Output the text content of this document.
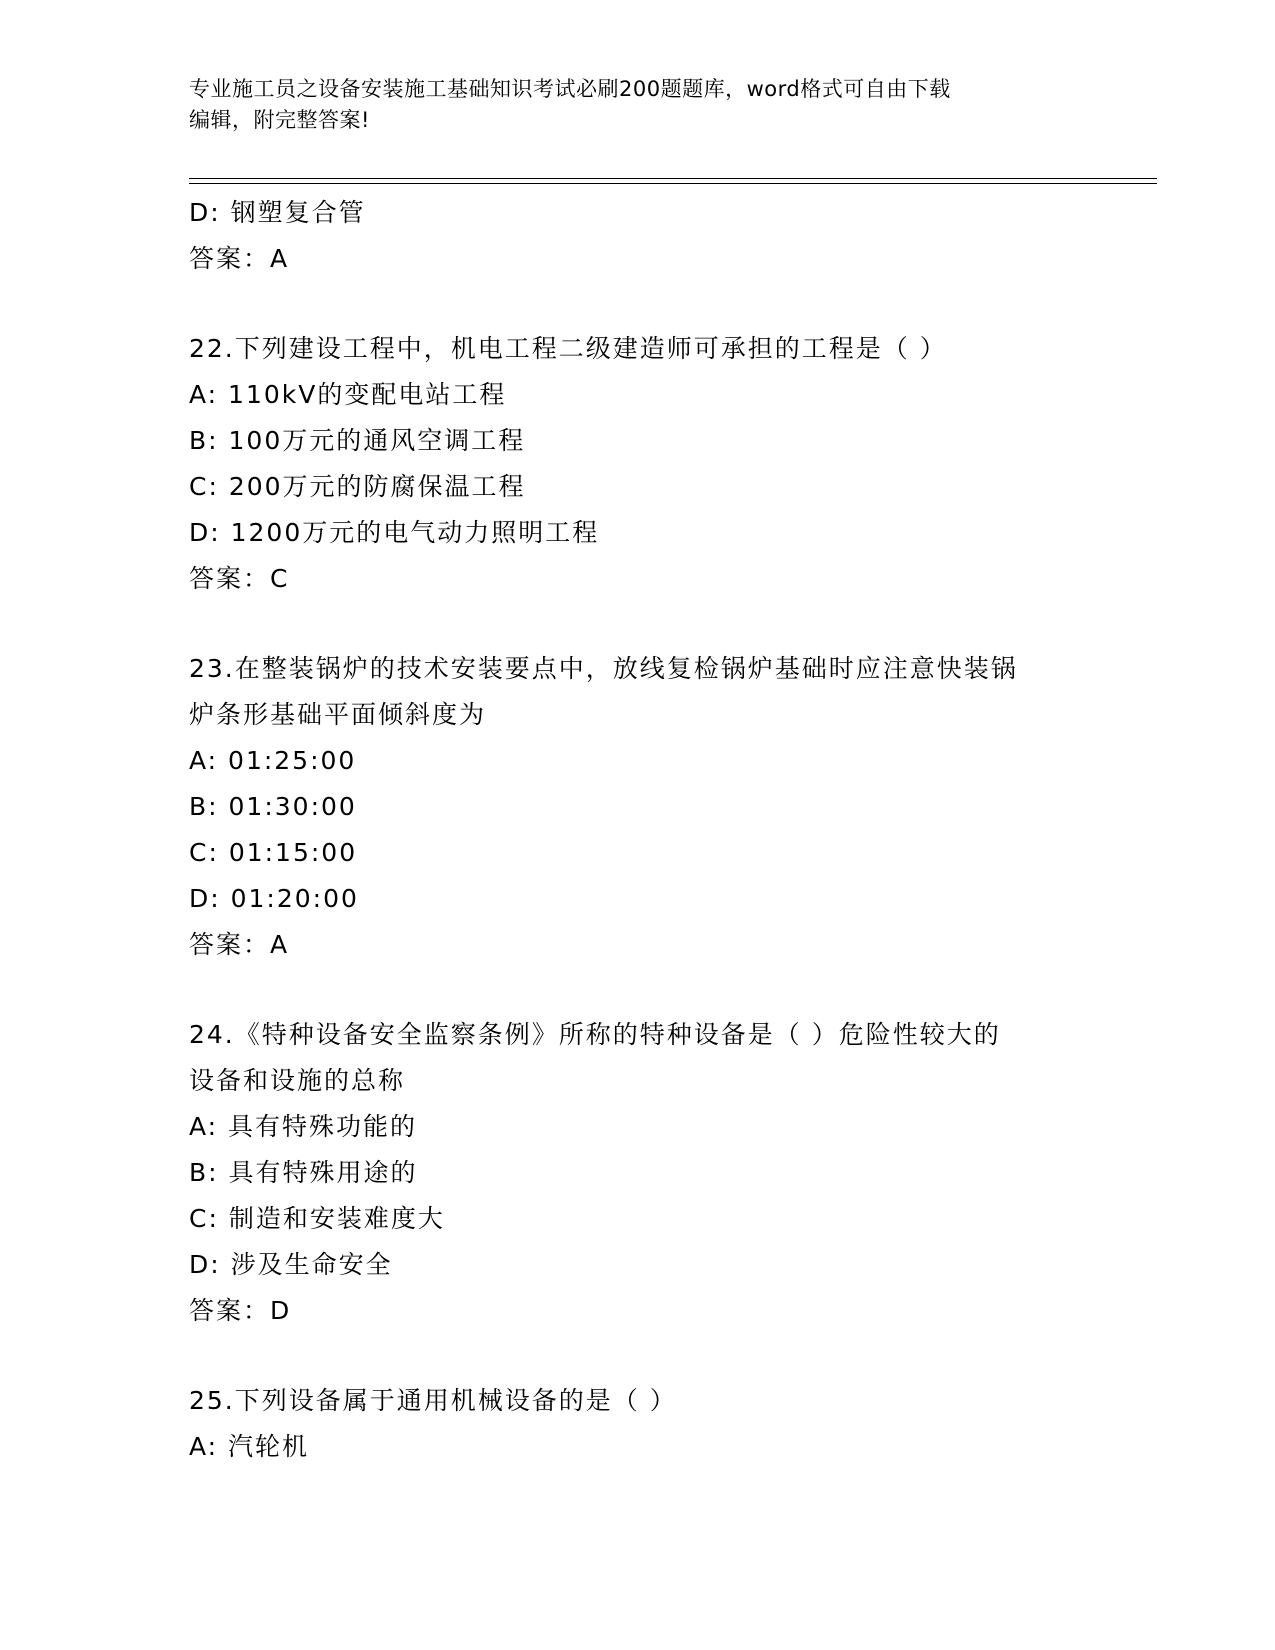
专业施工员之设备安装施工基础知识考试必刷200题题库，word格式可自由下载
编辑，附完整答案!
D: 钢塑复合管
答案：A
22.下列建设工程中，机电工程二级建造师可承担的工程是（ ）
A: 110kV的变配电站工程
B: 100万元的通风空调工程
C: 200万元的防腐保温工程
D: 1200万元的电气动力照明工程
答案：C
23.在整装锅炉的技术安装要点中，放线复检锅炉基础时应注意快装锅
炉条形基础平面倾斜度为
A: 01:25:00
B: 01:30:00
C: 01:15:00
D: 01:20:00
答案：A
24.《特种设备安全监察条例》所称的特种设备是（ ）危险性较大的
设备和设施的总称
A: 具有特殊功能的
B: 具有特殊用途的
C: 制造和安装难度大
D: 涉及生命安全
答案：D
25.下列设备属于通用机械设备的是（ ）
A: 汽轮机
